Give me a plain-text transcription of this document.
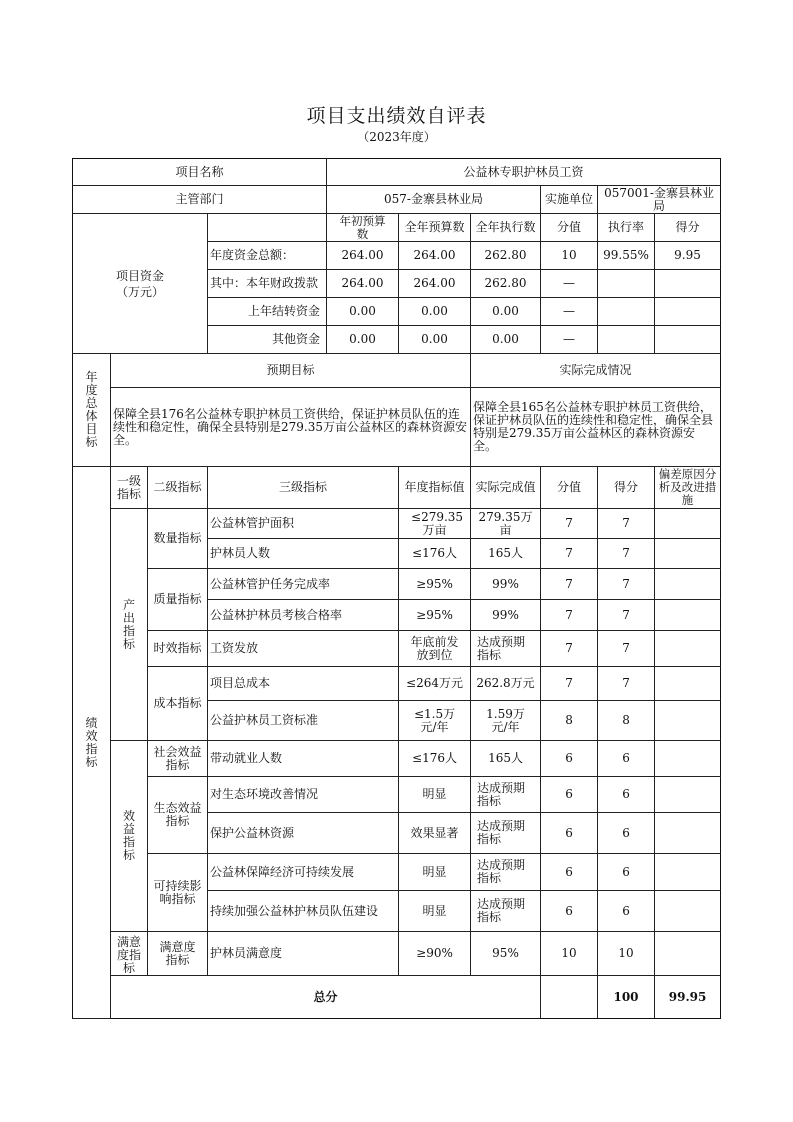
项目支出绩效自评表
（2023年度）
项目名称				公益林专职护林员工资						
主管部门				057-金寨县林业局			实施单位	057001-金寨县林业局		
项目资金
（万元）				年初预算数	全年预算数	全年执行数	分值	执行率	得分	
			年度资金总额：	264.00	264.00	262.80	10	99.55%	9.95	
			其中：本年财政拨款	264.00	264.00	262.80	—			
			上年结转资金	0.00	0.00	0.00	—			
			其他资金	0.00	0.00	0.00	—			
年度总体目标	预期目标					实际完成情况				
	保障全县176名公益林专职护林员工资供给，保证护林员队伍的连续性和稳定性，确保全县特别是279.35万亩公益林区的森林资源安全。					保障全县165名公益林专职护林员工资供给，保证护林员队伍的连续性和稳定性，确保全县特别是279.35万亩公益林区的森林资源安全。				
绩效指标	一级指标	二级指标	三级指标		年度指标值	实际完成值	分值	得分	偏差原因分析及改进措施	
	产出指标	数量指标	公益林管护面积		≤279.35万亩	279.35万亩	7	7		
			护林员人数		≤176人	165人	7	7		
		质量指标	公益林管护任务完成率		≥95%	99%	7	7		
			公益林护林员考核合格率		≥95%	99%	7	7		
		时效指标	工资发放		年底前发放到位	达成预期指标	7	7		
		成本指标	项目总成本		≤264万元	262.8万元	7	7		
			公益护林员工资标准		≤1.5万元/年	1.59万元/年	8	8		
	效益指标	社会效益指标	带动就业人数		≤176人	165人	6	6		
		生态效益指标	对生态环境改善情况		明显	达成预期指标	6	6		
			保护公益林资源		效果显著	达成预期指标	6	6		
		可持续影响指标	公益林保障经济可持续发展		明显	达成预期指标	6	6		
			持续加强公益林护林员队伍建设		明显	达成预期指标	6	6		
	满意度指标	满意度指标	护林员满意度		≥90%	95%	10	10		
	总分							100	99.95	
